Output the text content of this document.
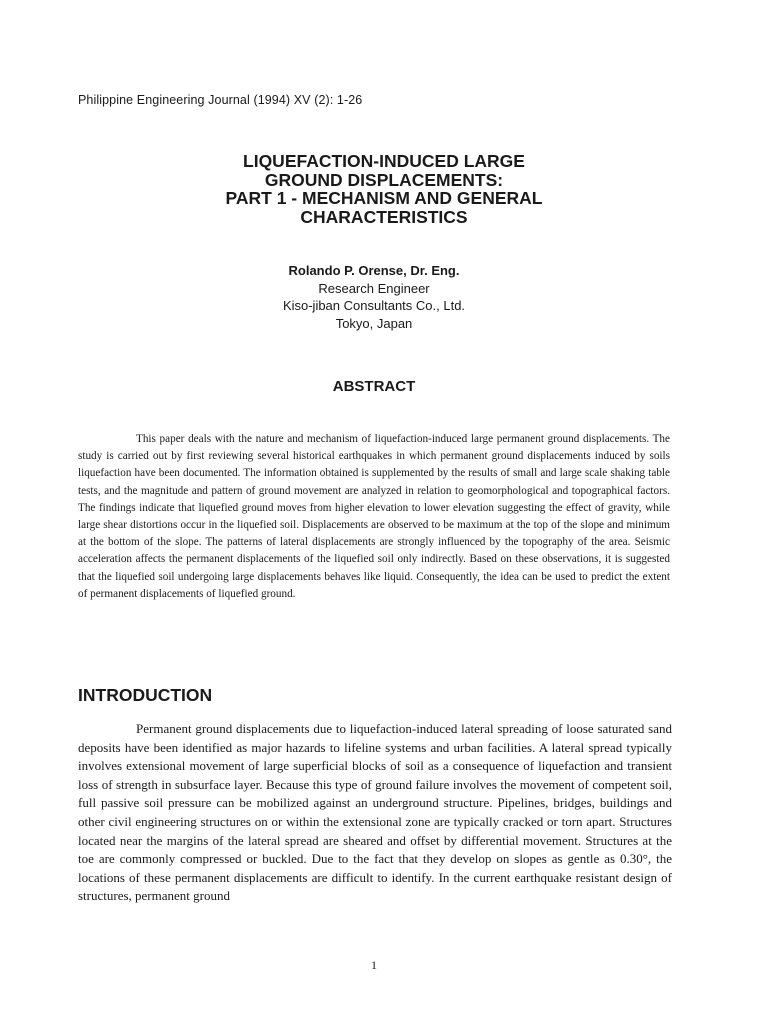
Philippine Engineering Journal (1994) XV (2): 1-26
LIQUEFACTION-INDUCED LARGE
GROUND DISPLACEMENTS:
PART 1 - MECHANISM AND GENERAL
CHARACTERISTICS
Rolando P. Orense, Dr. Eng.
Research Engineer
Kiso-jiban Consultants Co., Ltd.
Tokyo, Japan
ABSTRACT

This paper deals with the nature and mechanism of liquefaction-induced large permanent ground displacements. The study is carried out by first reviewing several historical earthquakes in which permanent ground displacements induced by soils liquefaction have been documented. The information obtained is supplemented by the results of small and large scale shaking table tests, and the magnitude and pattern of ground movement are analyzed in relation to geomorphological and topographical factors. The findings indicate that liquefied ground moves from higher elevation to lower elevation suggesting the effect of gravity, while large shear distortions occur in the liquefied soil. Displacements are observed to be maximum at the top of the slope and minimum at the bottom of the slope. The patterns of lateral displacements are strongly influenced by the topography of the area. Seismic acceleration affects the permanent displacements of the liquefied soil only indirectly. Based on these observations, it is suggested that the liquefied soil undergoing large displacements behaves like liquid. Consequently, the idea can be used to predict the extent of permanent displacements of liquefied ground.

INTRODUCTION

Permanent ground displacements due to liquefaction-induced lateral spreading of loose saturated sand deposits have been identified as major hazards to lifeline systems and urban facilities. A lateral spread typically involves extensional movement of large superficial blocks of soil as a consequence of liquefaction and transient loss of strength in subsurface layer. Because this type of ground failure involves the movement of competent soil, full passive soil pressure can be mobilized against an underground structure. Pipelines, bridges, buildings and other civil engineering structures on or within the extensional zone are typically cracked or torn apart. Structures located near the margins of the lateral spread are sheared and offset by differential movement. Structures at the toe are commonly compressed or buckled. Due to the fact that they develop on slopes as gentle as 0.30°, the locations of these permanent displacements are difficult to identify. In the current earthquake resistant design of structures, permanent ground

1
